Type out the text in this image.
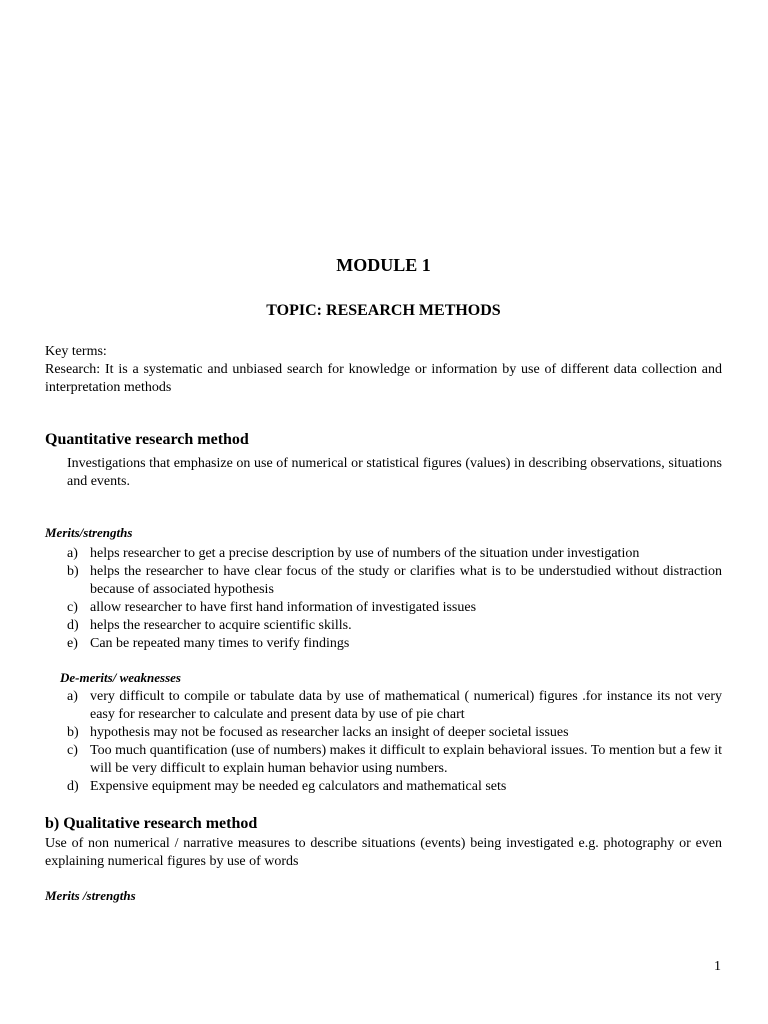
MODULE 1
TOPIC: RESEARCH METHODS
Key terms:
Research: It is a systematic and unbiased search for knowledge or information by use of different data collection and interpretation methods
Quantitative research method
Investigations that emphasize on use of numerical or statistical figures (values) in describing observations, situations and events.
Merits/strengths
a) helps researcher to get a precise description by use of numbers of the situation under investigation
b) helps the researcher to have clear focus of the study or clarifies what is to be understudied without distraction because of associated hypothesis
c) allow researcher to have first hand information of investigated issues
d) helps the researcher to acquire scientific skills.
e) Can be repeated many times to verify findings
De-merits/ weaknesses
a) very difficult to compile or tabulate data by use of mathematical ( numerical) figures .for instance its not very easy for researcher to calculate and present data by use of pie chart
b) hypothesis may not be focused as researcher lacks an insight of deeper societal issues
c) Too much quantification (use of numbers) makes it difficult to explain behavioral issues. To mention but a few it will be very difficult to explain human behavior using numbers.
d) Expensive equipment may be needed eg calculators and mathematical sets
b) Qualitative research method
Use of non numerical / narrative measures to describe situations (events) being investigated e.g. photography or even explaining numerical figures by use of words
Merits /strengths
1
